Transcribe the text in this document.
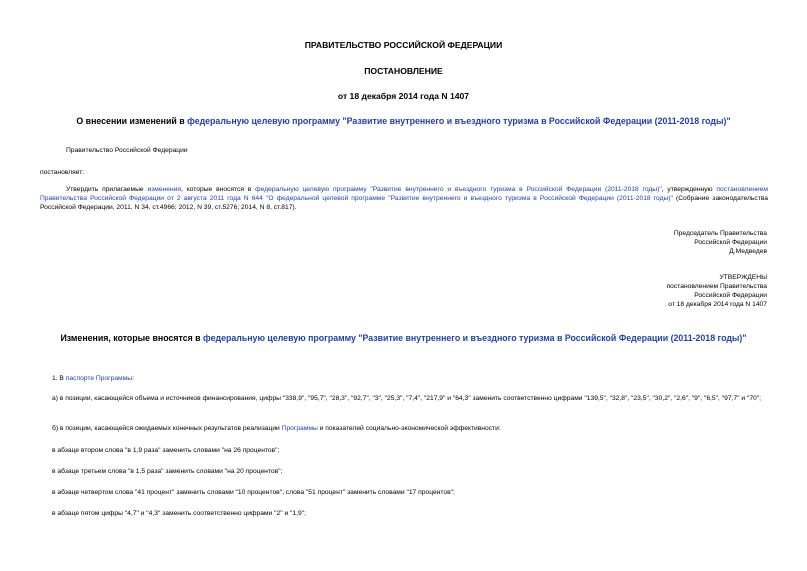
ПРАВИТЕЛЬСТВО РОССИЙСКОЙ ФЕДЕРАЦИИ
ПОСТАНОВЛЕНИЕ
от 18 декабря 2014 года N 1407
О внесении изменений в федеральную целевую программу "Развитие внутреннего и въездного туризма в Российской Федерации (2011-2018 годы)"
Правительство Российской Федерации
постановляет:
Утвердить прилагаемые изменения, которые вносятся в федеральную целевую программу "Развитие внутреннего и въездного туризма в Российской Федерации (2011-2018 годы)", утвержденную постановлением Правительства Российской Федерации от 2 августа 2011 года N 644 "О федеральной целевой программе "Развитие внутреннего и въездного туризма в Российской Федерации (2011-2018 годы)" (Собрание законодательства Российской Федерации, 2011, N 34, ст.4966; 2012, N 39, ст.5276; 2014, N 8, ст.817).
Председатель Правительства
Российской Федерации
Д.Медведев
УТВЕРЖДЕНЫ
постановлением Правительства
Российской Федерации
от 18 декабря 2014 года N 1407
Изменения, которые вносятся в федеральную целевую программу "Развитие внутреннего и въездного туризма в Российской Федерации (2011-2018 годы)"
1. В паспорте Программы:
а) в позиции, касающейся объема и источников финансирования, цифры "338,9", "95,7", "28,3", "92,7", "3", "25,3", "7,4", "217,9" и "64,3" заменить соответственно цифрами "139,5", "32,8", "23,5", "30,2", "2,6", "9", "6,5", "97,7" и "70";
б) в позиции, касающейся ожидаемых конечных результатов реализации Программы и показателей социально-экономической эффективности:
в абзаце втором слова "в 1,9 раза" заменить словами "на 26 процентов";
в абзаце третьем слова "в 1,5 раза" заменить словами "на 20 процентов";
в абзаце четвертом слова "41 процент" заменить словами "10 процентов", слова "51 процент" заменить словами "17 процентов";
в абзаце пятом цифры "4,7" и "4,3" заменить соответственно цифрами "2" и "1,9";
